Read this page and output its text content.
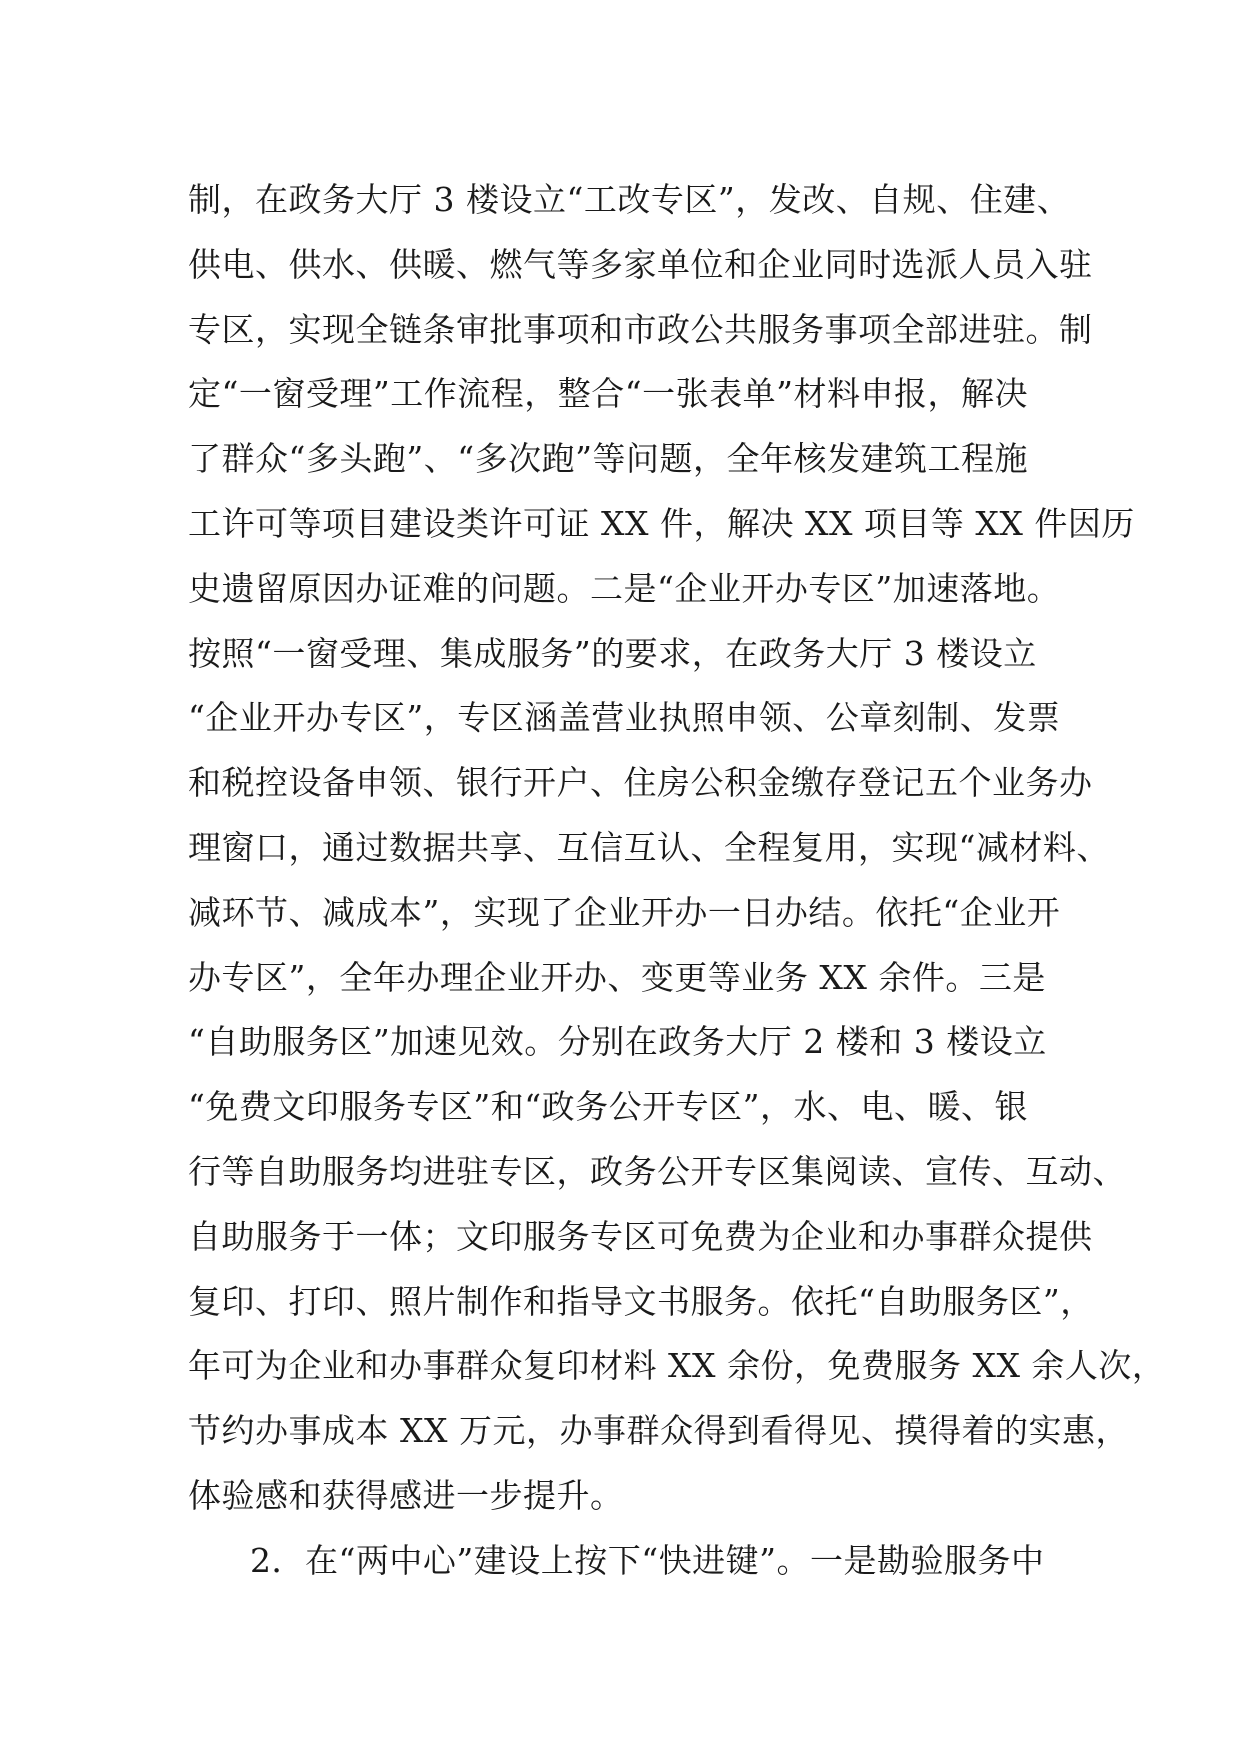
制，在政务大厅 3 楼设立“工改专区”，发改、自规、住建、
供电、供水、供暖、燃气等多家单位和企业同时选派人员入驻
专区，实现全链条审批事项和市政公共服务事项全部进驻。制
定“一窗受理”工作流程，整合“一张表单”材料申报，解决
了群众“多头跑”、“多次跑”等问题，全年核发建筑工程施
工许可等项目建设类许可证 XX 件，解决 XX 项目等 XX 件因历
史遗留原因办证难的问题。二是“企业开办专区”加速落地。
按照“一窗受理、集成服务”的要求，在政务大厅 3 楼设立
“企业开办专区”，专区涵盖营业执照申领、公章刻制、发票
和税控设备申领、银行开户、住房公积金缴存登记五个业务办
理窗口，通过数据共享、互信互认、全程复用，实现“减材料、
减环节、减成本”，实现了企业开办一日办结。依托“企业开
办专区”，全年办理企业开办、变更等业务 XX 余件。三是
“自助服务区”加速见效。分别在政务大厅 2 楼和 3 楼设立
“免费文印服务专区”和“政务公开专区”，水、电、暖、银
行等自助服务均进驻专区，政务公开专区集阅读、宣传、互动、
自助服务于一体；文印服务专区可免费为企业和办事群众提供
复印、打印、照片制作和指导文书服务。依托“自助服务区”，
年可为企业和办事群众复印材料 XX 余份，免费服务 XX 余人次，
节约办事成本 XX 万元，办事群众得到看得见、摸得着的实惠，
体验感和获得感进一步提升。
2．在“两中心”建设上按下“快进键”。一是勘验服务中
